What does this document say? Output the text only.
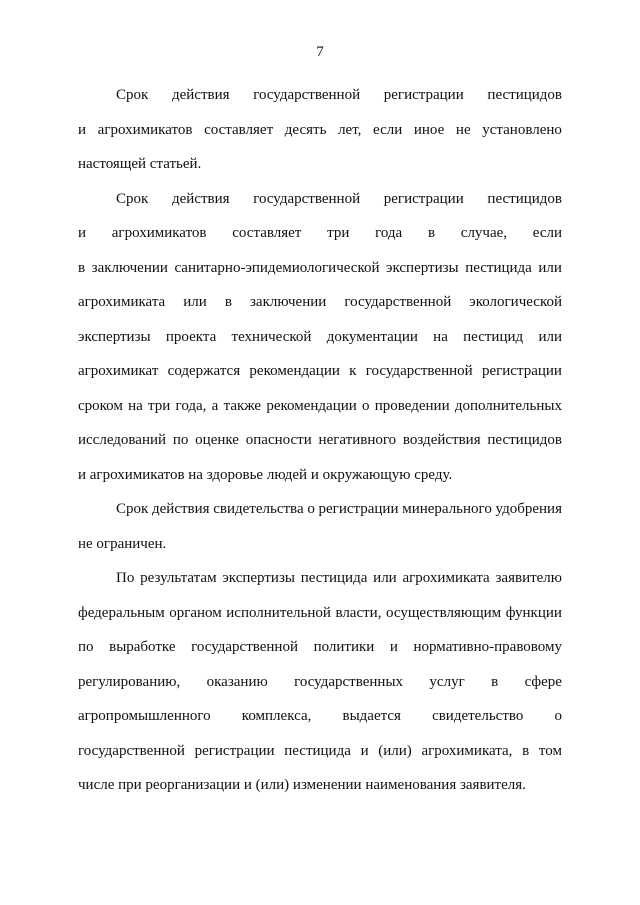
7
Срок действия государственной регистрации пестицидов
и агрохимикатов составляет десять лет, если иное не установлено
настоящей статьей.
Срок действия государственной регистрации пестицидов
и агрохимикатов составляет три года в случае, если
в заключении санитарно-эпидемиологической экспертизы пестицида или
агрохимиката или в заключении государственной экологической
экспертизы проекта технической документации на пестицид или
агрохимикат содержатся рекомендации к государственной регистрации
сроком на три года, а также рекомендации о проведении дополнительных
исследований по оценке опасности негативного воздействия пестицидов
и агрохимикатов на здоровье людей и окружающую среду.
Срок действия свидетельства о регистрации минерального удобрения
не ограничен.
По результатам экспертизы пестицида или агрохимиката заявителю
федеральным органом исполнительной власти, осуществляющим функции
по выработке государственной политики и нормативно-правовому
регулированию, оказанию государственных услуг в сфере
агропромышленного комплекса, выдается свидетельство о
государственной регистрации пестицида и (или) агрохимиката, в том
числе при реорганизации и (или) изменении наименования заявителя.
